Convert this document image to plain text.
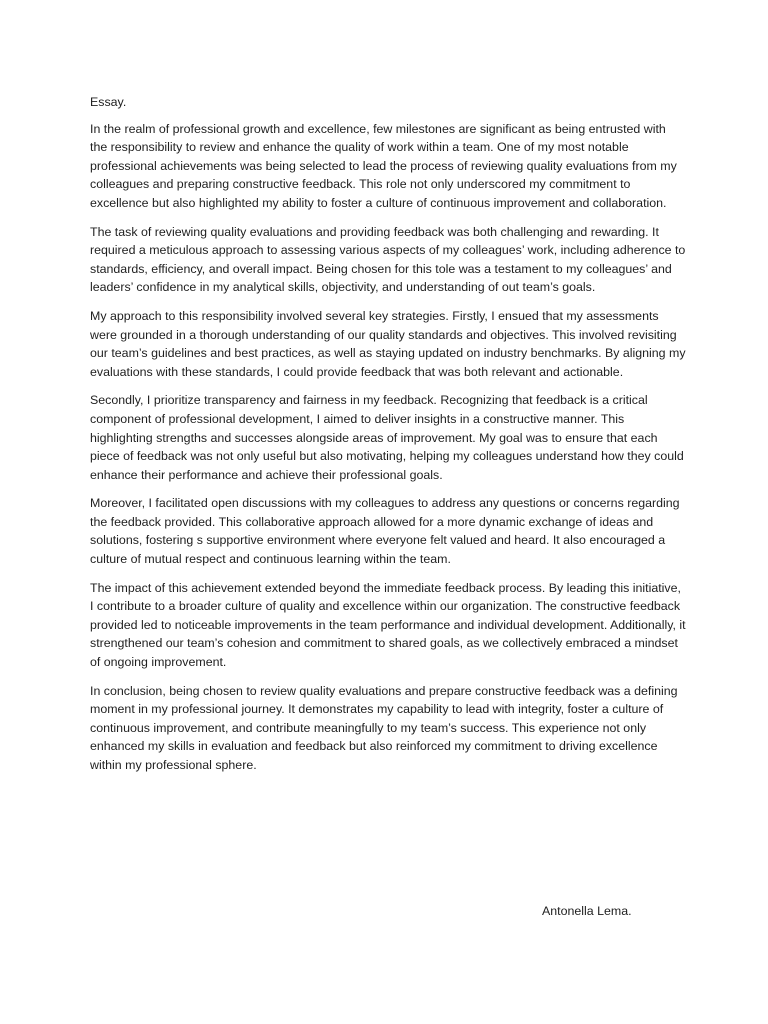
Essay.

In the realm of professional growth and excellence, few milestones are significant as being entrusted with the responsibility to review and enhance the quality of work within a team. One of my most notable professional achievements was being selected to lead the process of reviewing quality evaluations from my colleagues and preparing constructive feedback. This role not only underscored my commitment to excellence but also highlighted my ability to foster a culture of continuous improvement and collaboration.

The task of reviewing quality evaluations and providing feedback was both challenging and rewarding. It required a meticulous approach to assessing various aspects of my colleagues’ work, including adherence to standards, efficiency, and overall impact. Being chosen for this tole was a testament to my colleagues’ and leaders’ confidence in my analytical skills, objectivity, and understanding of out team’s goals.

My approach to this responsibility involved several key strategies. Firstly, I ensued that my assessments were grounded in a thorough understanding of our quality standards and objectives. This involved revisiting our team’s guidelines and best practices, as well as staying updated on industry benchmarks. By aligning my evaluations with these standards, I could provide feedback that was both relevant and actionable.

Secondly, I prioritize transparency and fairness in my feedback. Recognizing that feedback is a critical component of professional development, I aimed to deliver insights in a constructive manner. This highlighting strengths and successes alongside areas of improvement. My goal was to ensure that each piece of feedback was not only useful but also motivating, helping my colleagues understand how they could enhance their performance and achieve their professional goals.

Moreover, I facilitated open discussions with my colleagues to address any questions or concerns regarding the feedback provided. This collaborative approach allowed for a more dynamic exchange of ideas and solutions, fostering s supportive environment where everyone felt valued and heard. It also encouraged a culture of mutual respect and continuous learning within the team.

The impact of this achievement extended beyond the immediate feedback process. By leading this initiative, I contribute to a broader culture of quality and excellence within our organization. The constructive feedback provided led to noticeable improvements in the team performance and individual development. Additionally, it strengthened our team’s cohesion and commitment to shared goals, as we collectively embraced a mindset of ongoing improvement.

In conclusion, being chosen to review quality evaluations and prepare constructive feedback was a defining moment in my professional journey. It demonstrates my capability to lead with integrity, foster a culture of continuous improvement, and contribute meaningfully to my team’s success. This experience not only enhanced my skills in evaluation and feedback but also reinforced my commitment to driving excellence within my professional sphere.

Antonella Lema.
